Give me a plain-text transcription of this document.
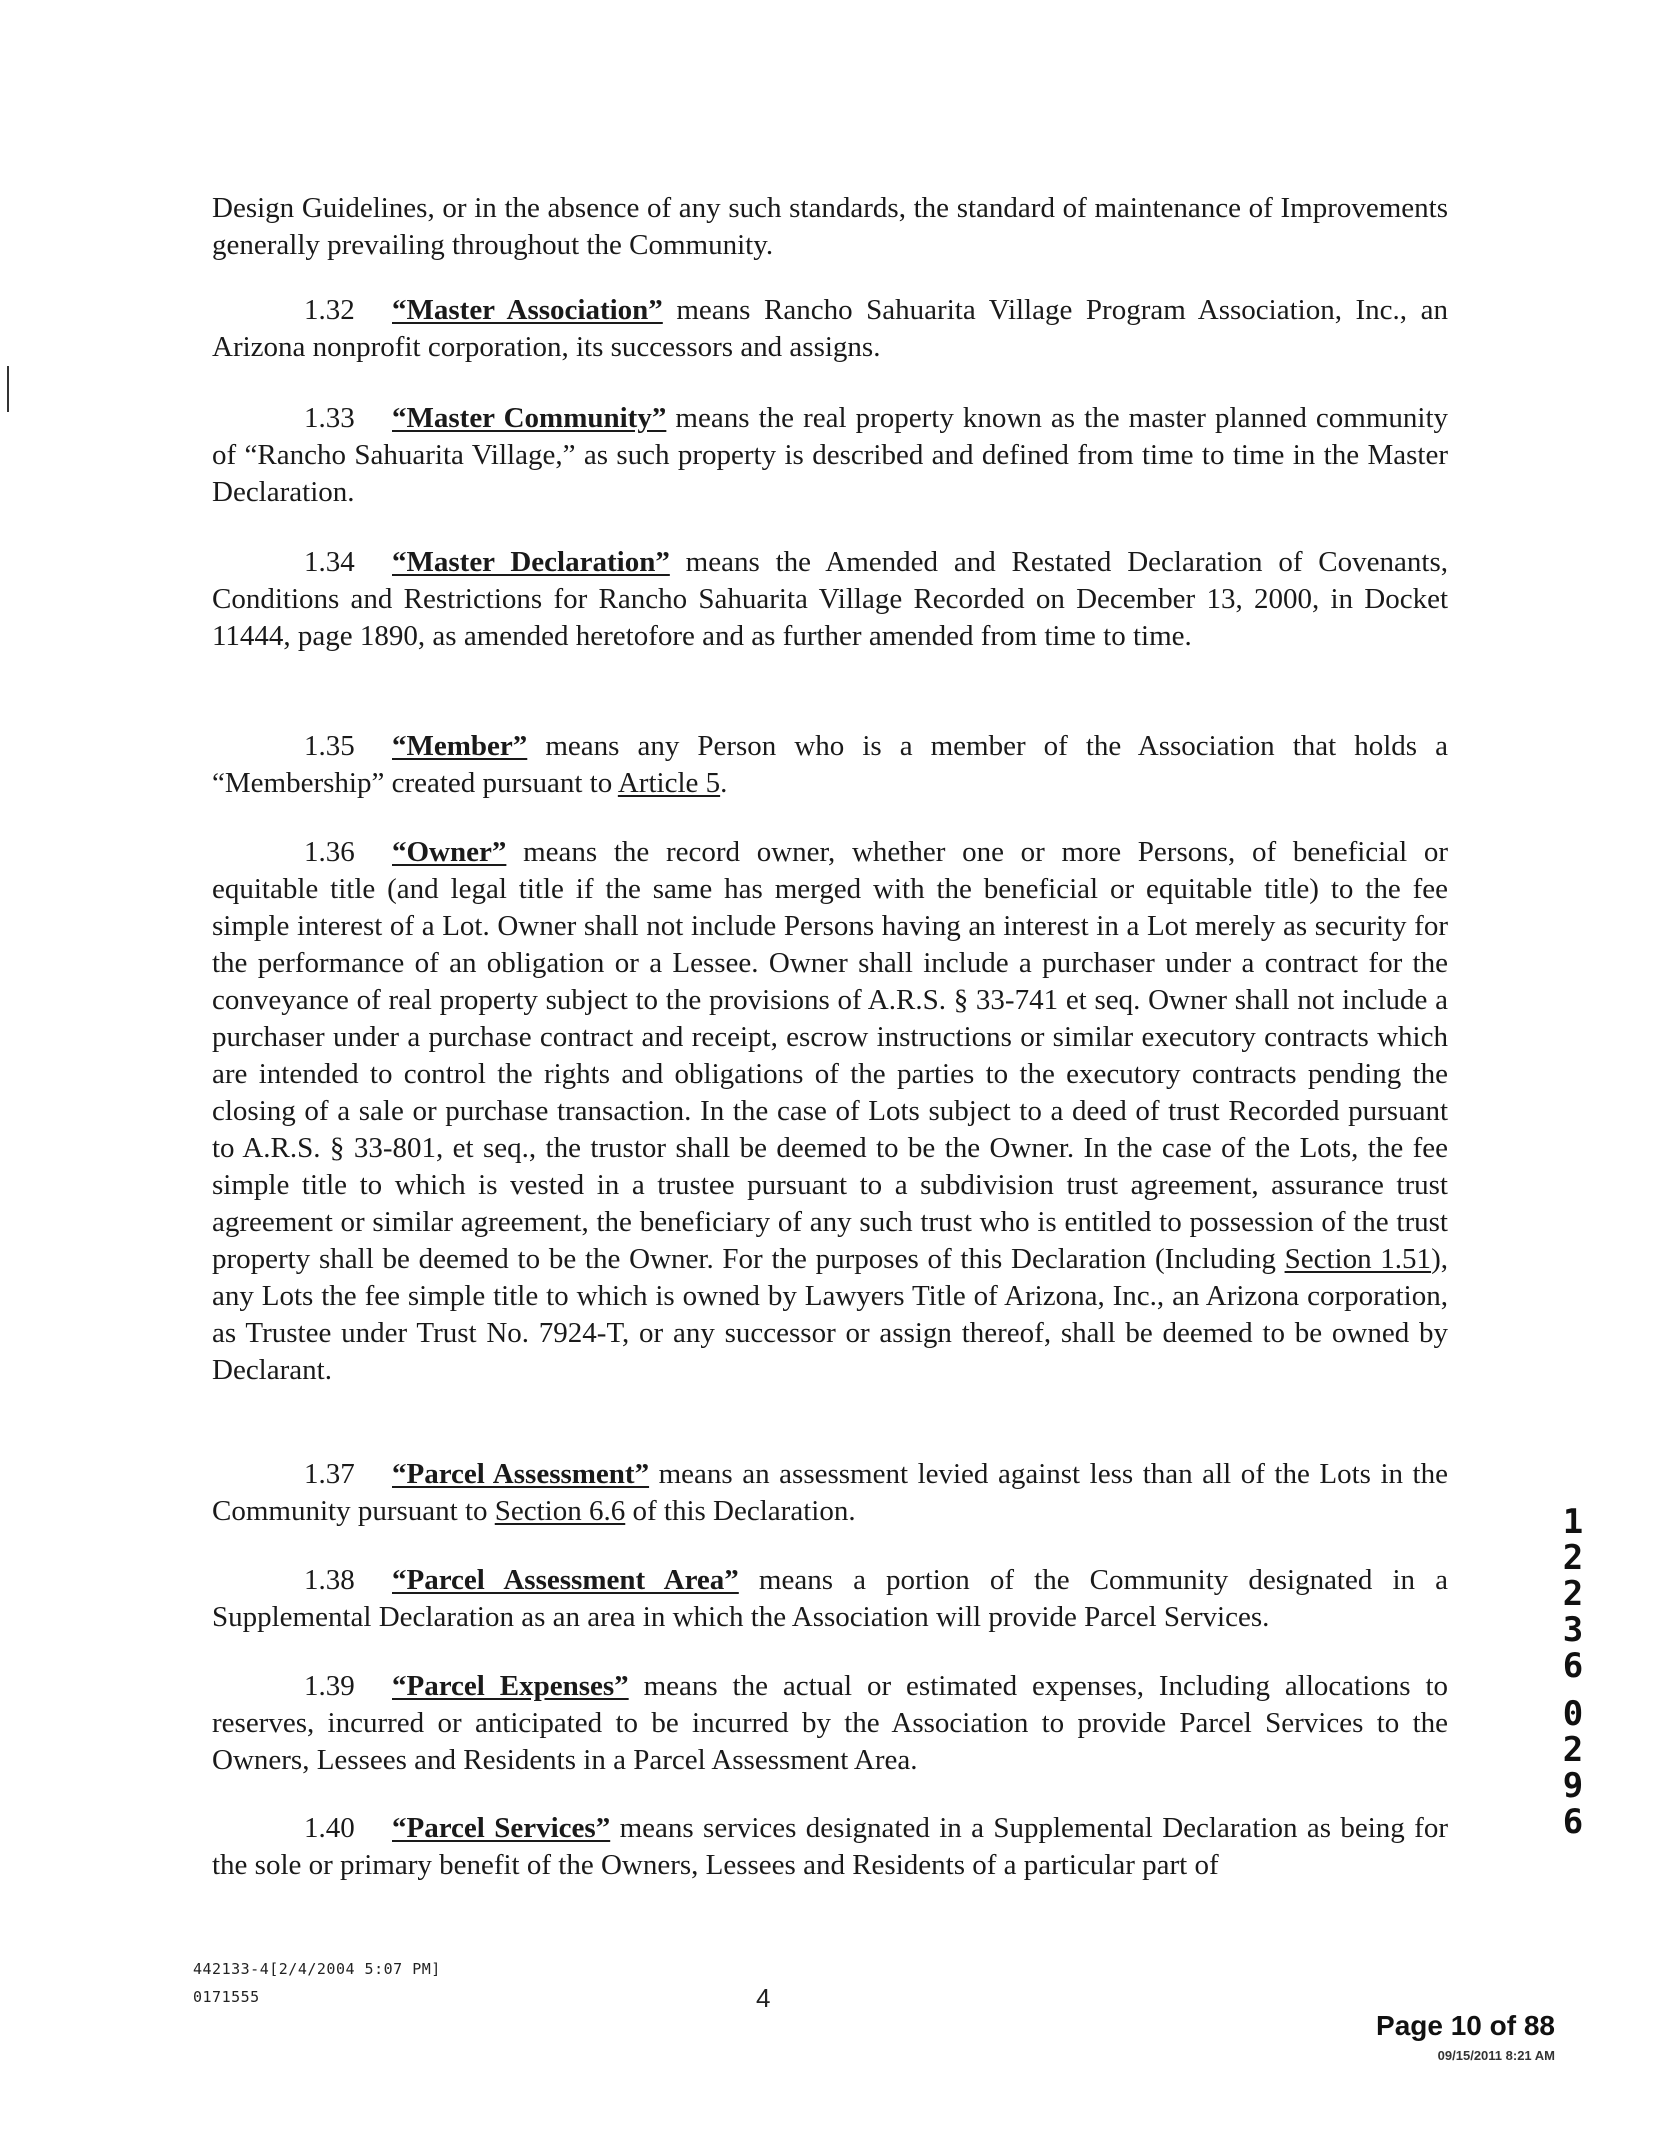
Design Guidelines, or in the absence of any such standards, the standard of maintenance of Improvements generally prevailing throughout the Community.
1.32 “Master Association” means Rancho Sahuarita Village Program Association, Inc., an Arizona nonprofit corporation, its successors and assigns.
1.33 “Master Community” means the real property known as the master planned community of “Rancho Sahuarita Village,” as such property is described and defined from time to time in the Master Declaration.
1.34 “Master Declaration” means the Amended and Restated Declaration of Covenants, Conditions and Restrictions for Rancho Sahuarita Village Recorded on December 13, 2000, in Docket 11444, page 1890, as amended heretofore and as further amended from time to time.
1.35 “Member” means any Person who is a member of the Association that holds a “Membership” created pursuant to Article 5.
1.36 “Owner” means the record owner, whether one or more Persons, of beneficial or equitable title (and legal title if the same has merged with the beneficial or equitable title) to the fee simple interest of a Lot. Owner shall not include Persons having an interest in a Lot merely as security for the performance of an obligation or a Lessee. Owner shall include a purchaser under a contract for the conveyance of real property subject to the provisions of A.R.S. § 33-741 et seq. Owner shall not include a purchaser under a purchase contract and receipt, escrow instructions or similar executory contracts which are intended to control the rights and obligations of the parties to the executory contracts pending the closing of a sale or purchase transaction. In the case of Lots subject to a deed of trust Recorded pursuant to A.R.S. § 33-801, et seq., the trustor shall be deemed to be the Owner. In the case of the Lots, the fee simple title to which is vested in a trustee pursuant to a subdivision trust agreement, assurance trust agreement or similar agreement, the beneficiary of any such trust who is entitled to possession of the trust property shall be deemed to be the Owner. For the purposes of this Declaration (Including Section 1.51), any Lots the fee simple title to which is owned by Lawyers Title of Arizona, Inc., an Arizona corporation, as Trustee under Trust No. 7924-T, or any successor or assign thereof, shall be deemed to be owned by Declarant.
1.37 “Parcel Assessment” means an assessment levied against less than all of the Lots in the Community pursuant to Section 6.6 of this Declaration.
1.38 “Parcel Assessment Area” means a portion of the Community designated in a Supplemental Declaration as an area in which the Association will provide Parcel Services.
1.39 “Parcel Expenses” means the actual or estimated expenses, Including allocations to reserves, incurred or anticipated to be incurred by the Association to provide Parcel Services to the Owners, Lessees and Residents in a Parcel Assessment Area.
1.40 “Parcel Services” means services designated in a Supplemental Declaration as being for the sole or primary benefit of the Owners, Lessees and Residents of a particular part of
1
2
2
3
6
0
2
9
6
442133-4[2/4/2004 5:07 PM]
0171555	4
Page 10 of 88
09/15/2011 8:21 AM
